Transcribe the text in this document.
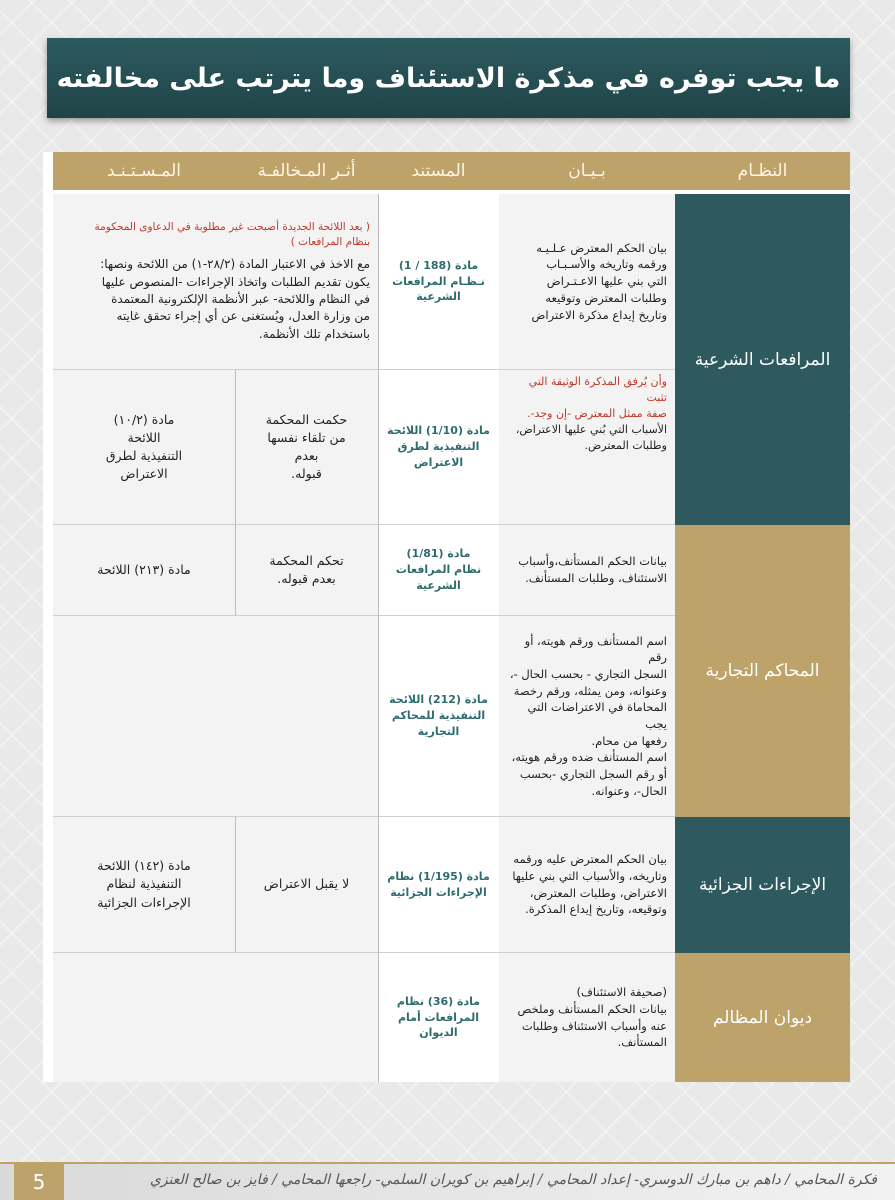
ما يجب توفره في مذكرة الاستئناف وما يترتب على مخالفته
النظـام
بـيـان
المستند
أثـر المـخالفـة
المـسـتـنـد
المرافعات الشرعية
المحاكم التجارية
الإجراءات الجزائية
ديوان المظالم
بيان الحكم المعترض عـلـيـه
ورقمه وتاريخه والأسـبـاب
التي بني عليها الاعـتـراض
وطلبات المعترض وتوقيعه
وتاريخ إيداع مذكرة الاعتراض
مادة (188 / 1)
نـظـام المرافعات
الشرعية
( بعد اللائحة الجديدة أصبحت غير مطلوبة في الدعاوى المحكومة
بنظام المرافعات )
مع الاخذ في الاعتبار المادة (٢٨/٢-١) من اللائحة ونصها:
يكون تقديم الطلبات واتخاذ الإجراءات -المنصوص عليها
في النظام واللائحة- عبر الأنظمة الإلكترونية المعتمدة
من وزارة العدل، ويُستغنى عن أي إجراء تحقق غايته
باستخدام تلك الأنظمة.
وأن يُرفق المذكرة الوثيقة التي تثبت
صفة ممثل المعترض -إن وجد-.
الأسباب التي بُني عليها الاعتراض،
وطلبات المعترض.
مادة (1/10) اللائحة
التنفيذية لطرق
الاعتراض
حكمت المحكمة
من تلقاء نفسها
بعدم
قبوله.
مادة (١٠/٢)
اللائحة
التنفيذية لطرق
الاعتراض
بيانات الحكم المستأنف،وأسباب
الاستئناف، وطلبات المستأنف.
مادة (1/81)
نظام المرافعات
الشرعية
تحكم المحكمة
بعدم قبوله.
مادة (٢١٣) اللائحة
اسم المستأنف ورقم هويته، أو رقم
السجل التجاري - بحسب الحال -،
وعنوانه، ومن يمثله، ورقم رخصة
المحاماة في الاعتراضات التي يجب
رفعها من محام.
اسم المستأنف ضده ورقم هويته،
أو رقم السجل التجاري -بحسب
الحال-، وعنوانه.
مادة (212) اللائحة
التنفيذية للمحاكم
التجارية
بيان الحكم المعترض عليه ورقمه
وتاريخه، والأسباب التي بني عليها
الاعتراض، وطلبات المعترض،
وتوقيعه، وتاريخ إيداع المذكرة.
مادة (1/195) نظام
الإجراءات الجزائية
لا يقبل الاعتراض
مادة (١٤٢) اللائحة
التنفيذية لنظام
الإجراءات الجزائية
(صحيفة الاستئناف)
بيانات الحكم المستأنف وملخص
عنه وأسباب الاستئناف وطلبات
المستأنف.
مادة (36) نظام
المرافعات أمام
الديوان
فكرة المحامي / داهم بن مبارك الدوسري- إعداد المحامي / إبراهيم بن كويران السلمي- راجعها المحامي / فايز بن صالح العنزي
5
